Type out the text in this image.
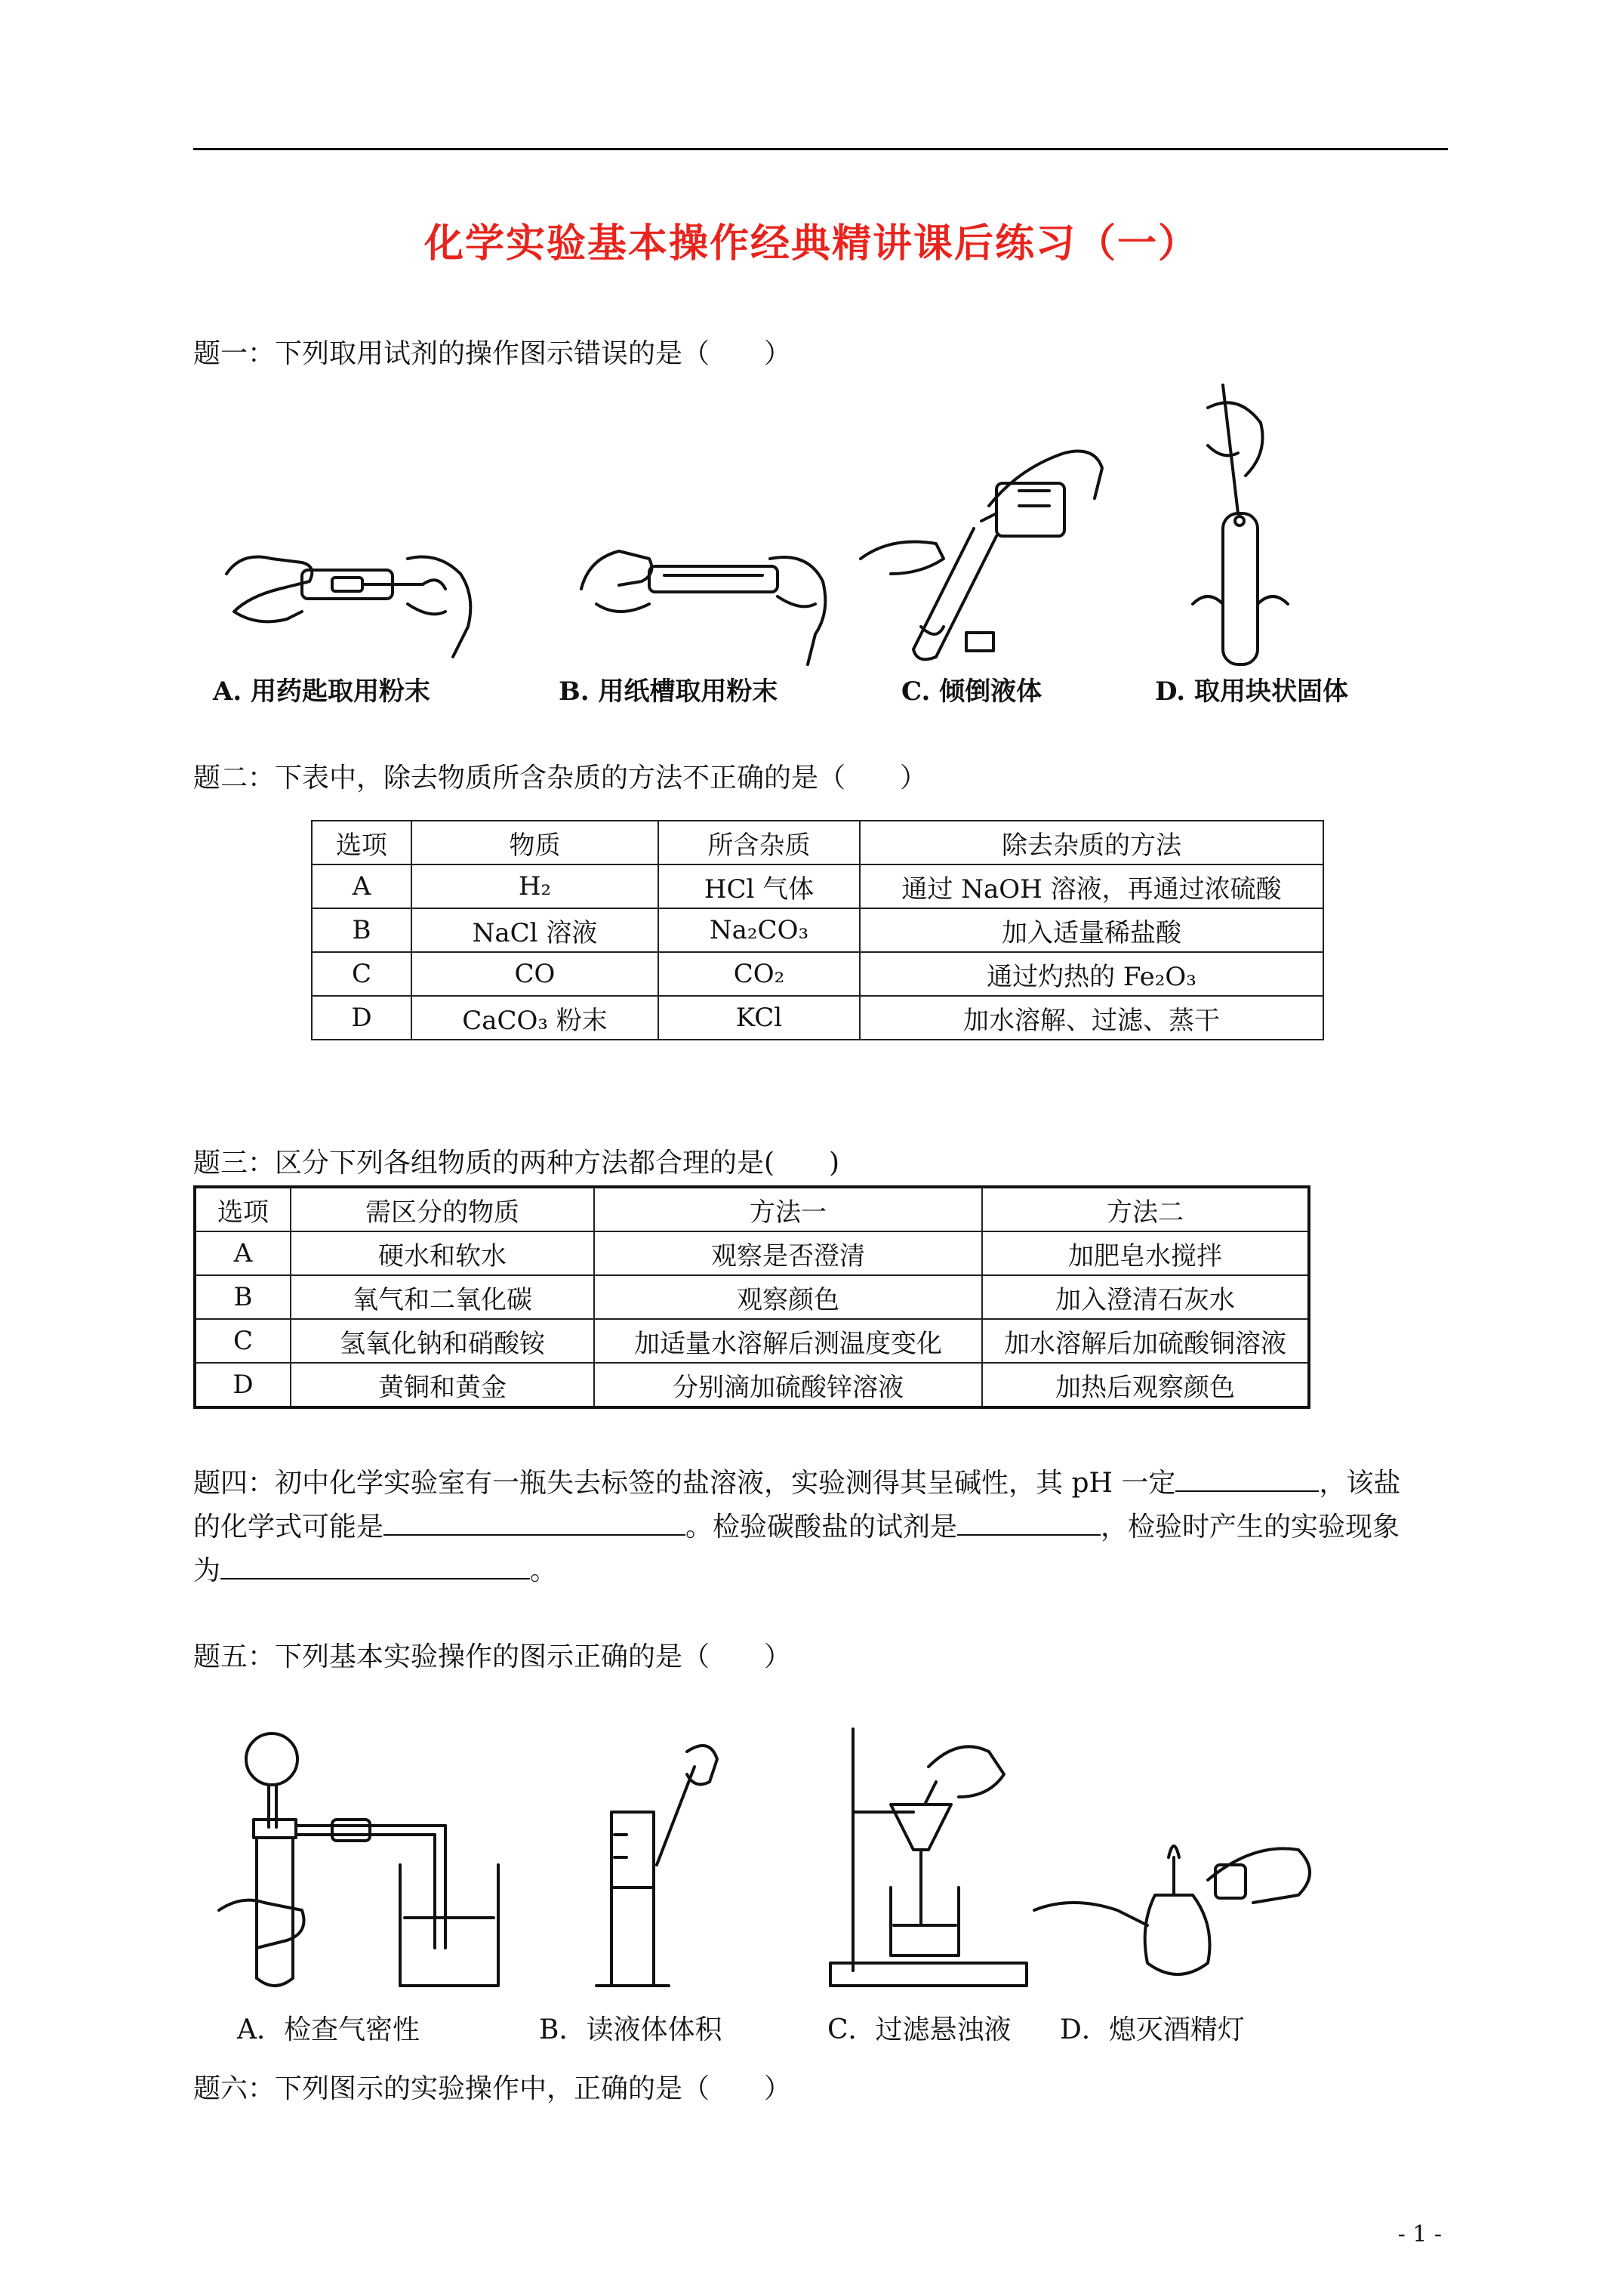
化学实验基本操作经典精讲课后练习（一）
题一：下列取用试剂的操作图示错误的是（　　）
A. 用药匙取用粉末	B. 用纸槽取用粉末	C. 倾倒液体	D. 取用块状固体
题二：下表中，除去物质所含杂质的方法不正确的是（　　）
选项	物质	所含杂质	除去杂质的方法
A	H₂	HCl 气体	通过 NaOH 溶液，再通过浓硫酸
B	NaCl 溶液	Na₂CO₃	加入适量稀盐酸
C	CO	CO₂	通过灼热的 Fe₂O₃
D	CaCO₃ 粉末	KCl	加水溶解、过滤、蒸干
题三：区分下列各组物质的两种方法都合理的是(　　)
选项	需区分的物质	方法一	方法二
A	硬水和软水	观察是否澄清	加肥皂水搅拌
B	氧气和二氧化碳	观察颜色	加入澄清石灰水
C	氢氧化钠和硝酸铵	加适量水溶解后测温度变化	加水溶解后加硫酸铜溶液
D	黄铜和黄金	分别滴加硫酸锌溶液	加热后观察颜色
题四：初中化学实验室有一瓶失去标签的盐溶液，实验测得其呈碱性，其 pH 一定	，该盐
的化学式可能是	。检验碳酸盐的试剂是	，检验时产生的实验现象
为	。
题五：下列基本实验操作的图示正确的是（　　）
A．检查气密性	B．读液体体积	C．过滤悬浊液 D．熄灭酒精灯
题六：下列图示的实验操作中，正确的是（　　）
- 1 -
